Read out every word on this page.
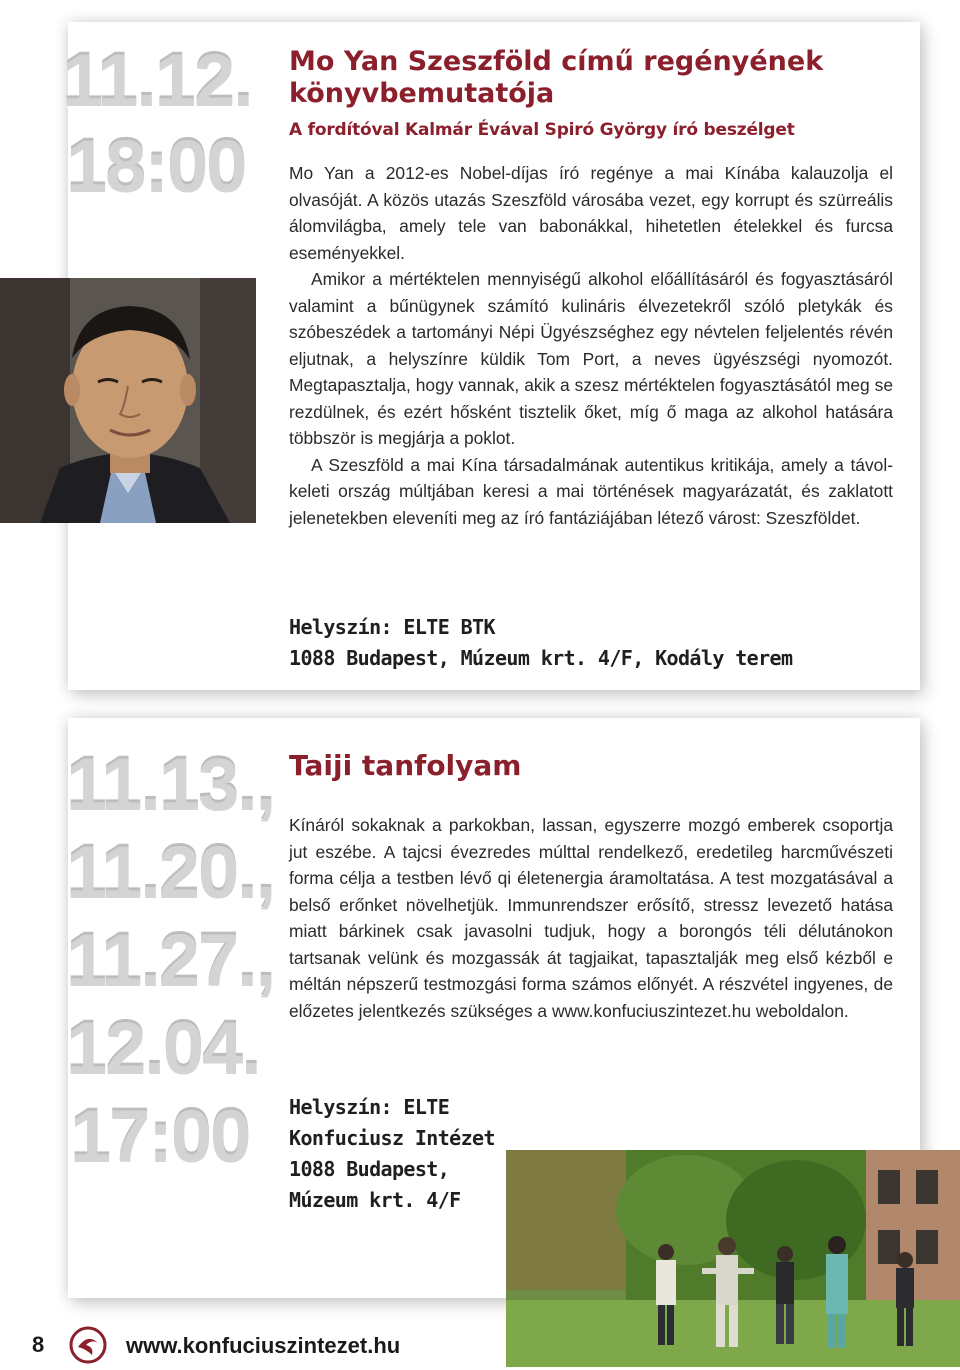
11.12.
18:00
Mo Yan Szeszföld című regényének
könyvbemutatója
A fordítóval Kalmár Évával Spiró György író beszélget

Mo Yan a 2012-es Nobel-díjas író regénye a mai Kínába kalauzolja el olvasóját. A közös utazás Szeszföld városába vezet, egy korrupt és szürreális álomvilágba, amely tele van babonákkal, hihetetlen ételekkel és furcsa eseményekkel.

Amikor a mértéktelen mennyiségű alkohol előállításáról és fogyasztásáról valamint a bűnügynek számító kulináris élvezetekről szóló pletykák és szóbeszédek a tartományi Népi Ügyészséghez egy névtelen feljelentés révén eljutnak, a helyszínre küldik Tom Port, a neves ügyészségi nyomozót. Megtapasztalja, hogy vannak, akik a szesz mértéktelen fogyasztásától meg se rezdülnek, és ezért hősként tisztelik őket, míg ő maga az alkohol hatására többször is megjárja a poklot.

A Szeszföld a mai Kína társadalmának autentikus kritikája, amely a távol-keleti ország múltjában keresi a mai történések magyarázatát, és zaklatott jelenetekben eleveníti meg az író fantáziájában létező várost: Szeszföldet.

Helyszín: ELTE BTK
1088 Budapest, Múzeum krt. 4/F, Kodály terem
11.13.,
11.20.,
11.27.,
12.04.
17:00
Taiji tanfolyam

Kínáról sokaknak a parkokban, lassan, egyszerre mozgó emberek csoportja jut eszébe. A tajcsi évezredes múlttal rendelkező, eredetileg harcművészeti forma célja a testben lévő qi életenergia áramoltatása. A test mozgatásával a belső erőnket növelhetjük. Immunrendszer erősítő, stressz levezető hatása miatt bárkinek csak javasolni tudjuk, hogy a borongós téli délutánokon tartsanak velünk és mozgassák át tagjaikat, tapasztalják meg első kézből e méltán népszerű testmozgási forma számos előnyét. A részvétel ingyenes, de előzetes jelentkezés szükséges a www.konfuciuszintezet.hu weboldalon.

Helyszín: ELTE
Konfuciusz Intézet
1088 Budapest,
Múzeum krt. 4/F
8	www.konfuciuszintezet.hu
